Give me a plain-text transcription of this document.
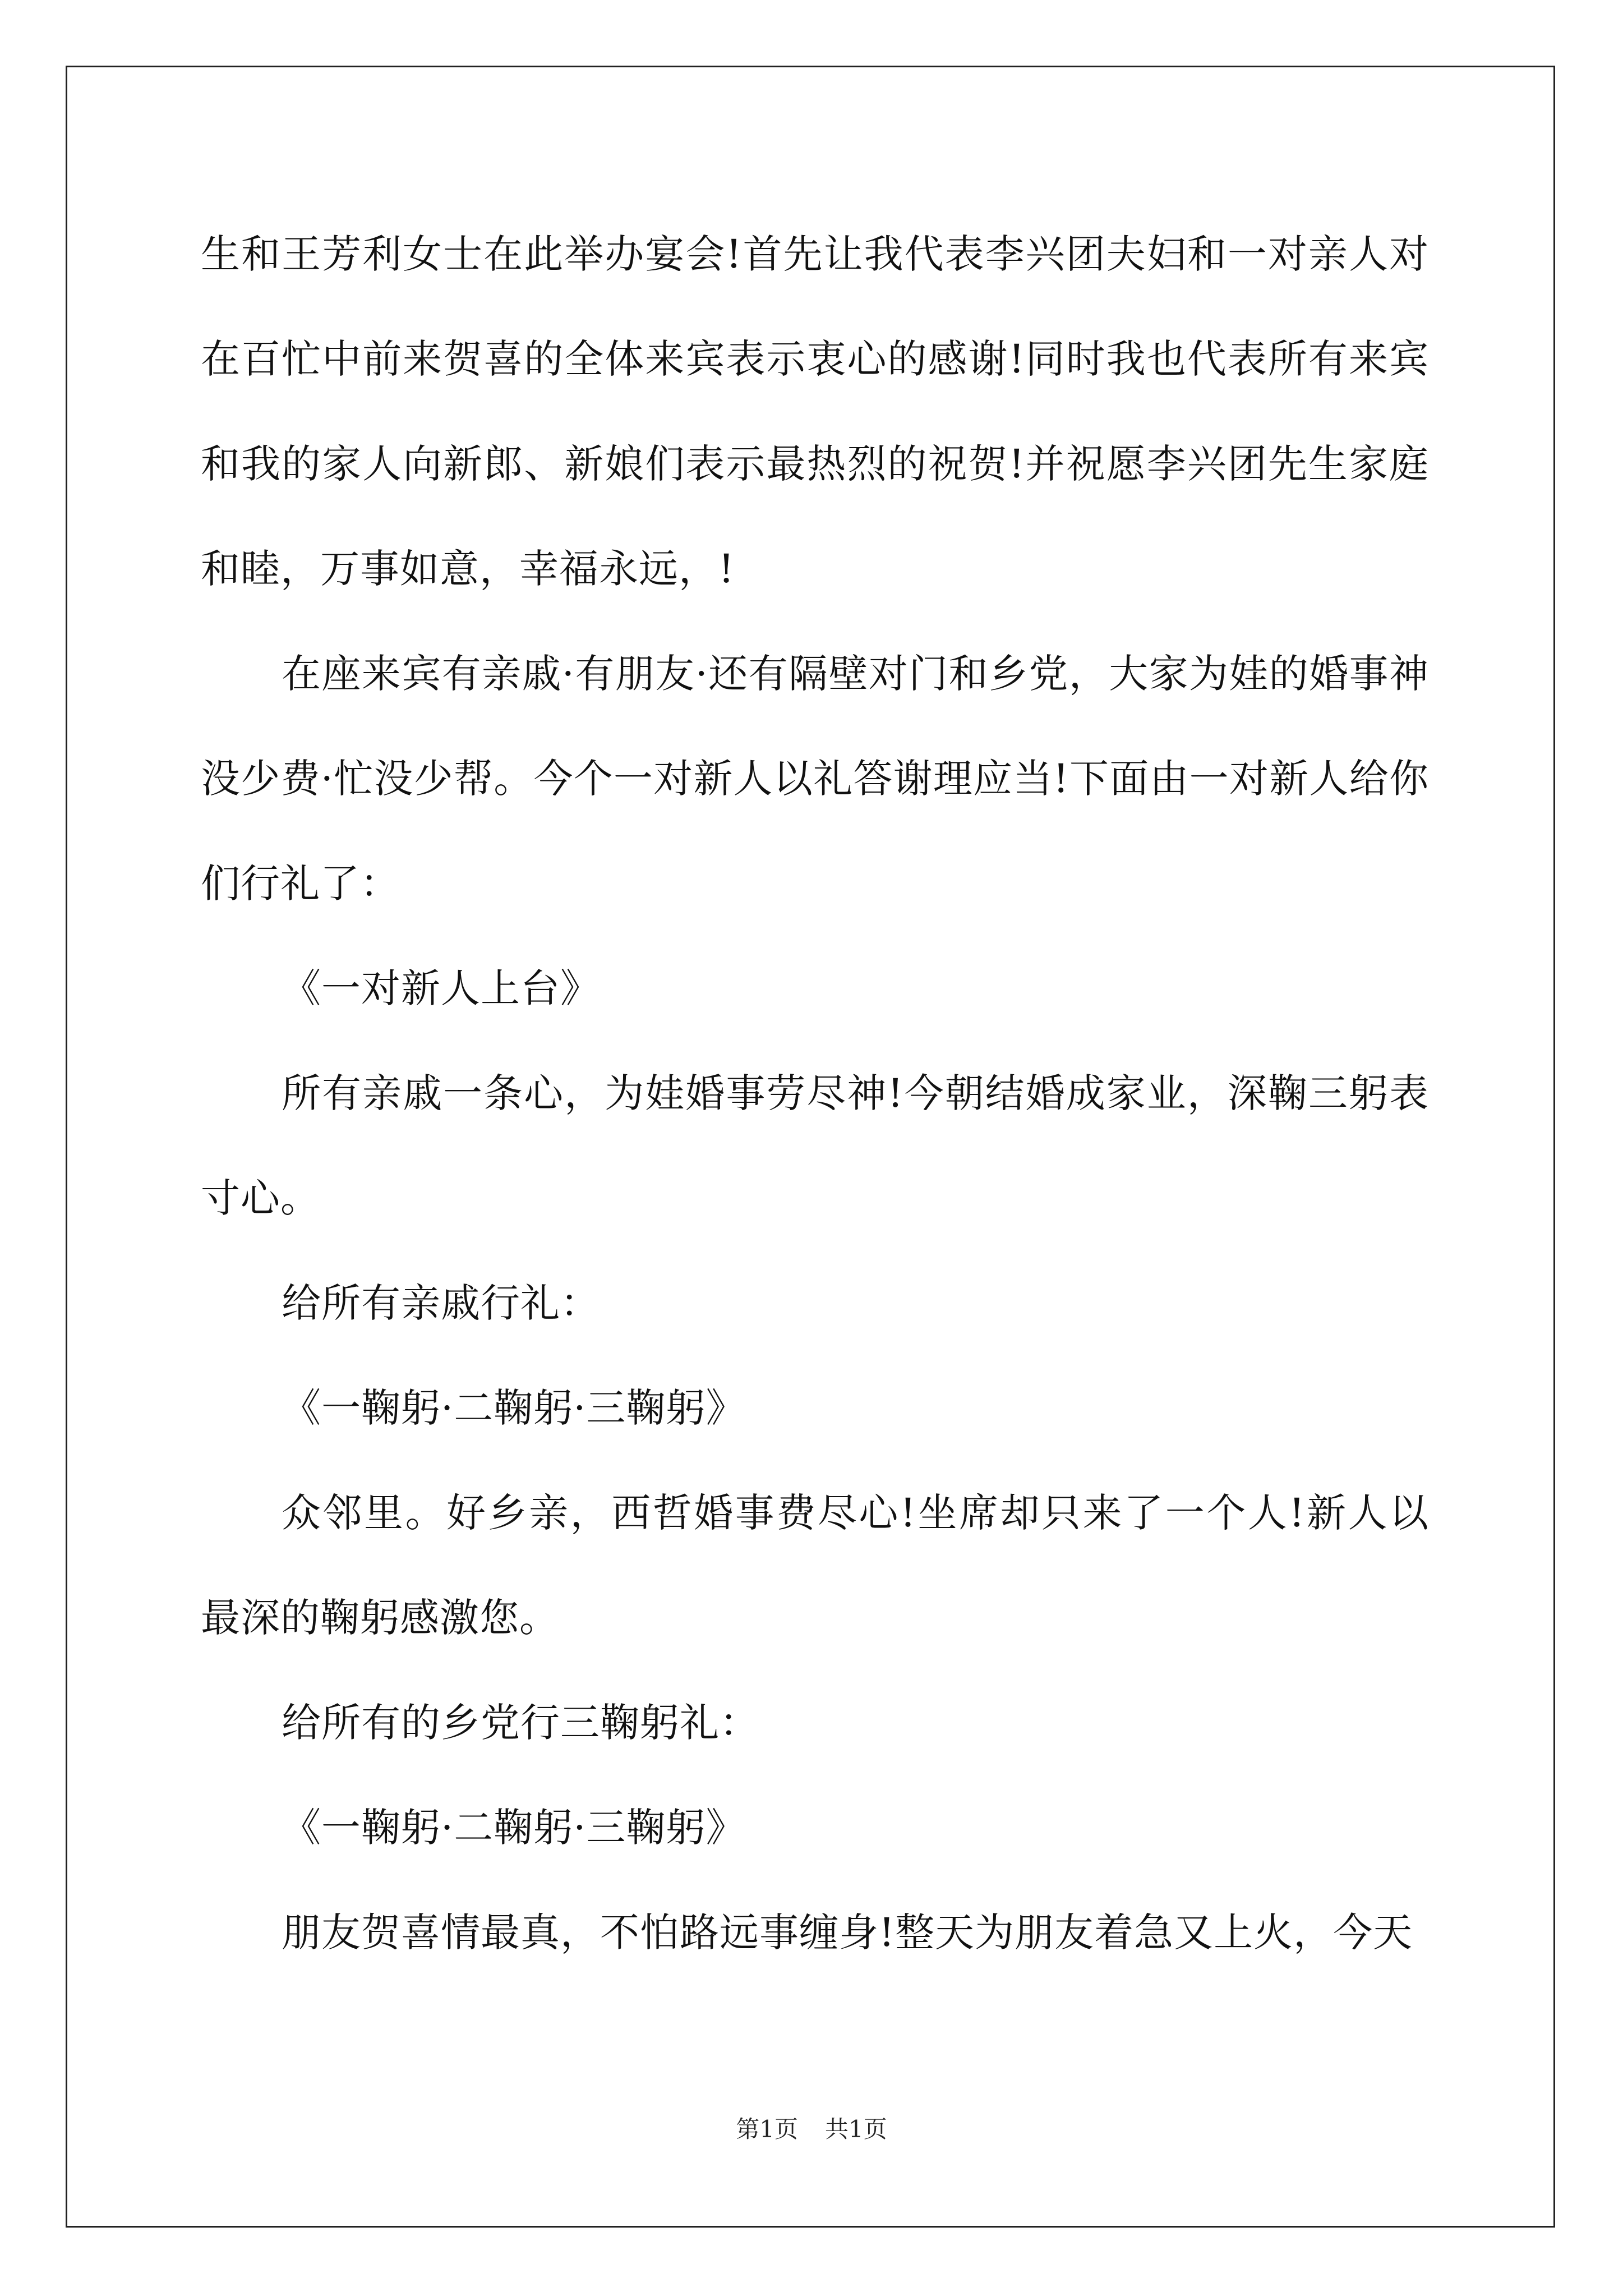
生和王芳利女士在此举办宴会!首先让我代表李兴团夫妇和一对亲人对在百忙中前来贺喜的全体来宾表示衷心的感谢!同时我也代表所有来宾和我的家人向新郎、新娘们表示最热烈的祝贺!并祝愿李兴团先生家庭和睦，万事如意，幸福永远，!

在座来宾有亲戚·有朋友·还有隔壁对门和乡党，大家为娃的婚事神没少费·忙没少帮。今个一对新人以礼答谢理应当!下面由一对新人给你们行礼了：

《一对新人上台》

所有亲戚一条心，为娃婚事劳尽神!今朝结婚成家业，深鞠三躬表寸心。

给所有亲戚行礼：

《一鞠躬·二鞠躬·三鞠躬》

众邻里。好乡亲，西哲婚事费尽心!坐席却只来了一个人!新人以最深的鞠躬感激您。

给所有的乡党行三鞠躬礼：

《一鞠躬·二鞠躬·三鞠躬》

朋友贺喜情最真，不怕路远事缠身!整天为朋友着急又上火，今天

第1页 共1页
